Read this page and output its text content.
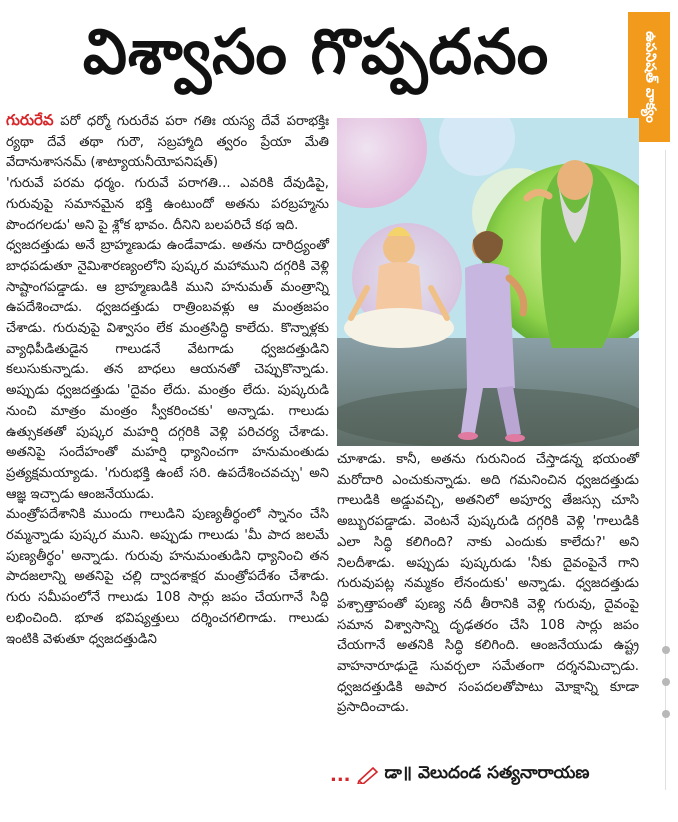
విశ్వాసం గొప్పదనం	ఉపనిషత్ వాక్యం

గురురేవ పరో ధర్మో గురురేవ పరా గతిః యస్య దేవే పరాభక్తిః ర్యథా దేవే తథా గురౌ, సబ్రహ్మాది త్వరం ప్రేయా మేతి వేదానుశాసనమ్ (శాట్యాయనీయోపనిషత్)

'గురువే పరమ ధర్మం. గురువే పరాగతి... ఎవరికి దేవుడిపై, గురువుపై సమానమైన భక్తి ఉంటుందో అతను పరబ్రహ్మను పొందగలడు' అని పై శ్లోక భావం. దీనిని బలపరిచే కథ ఇది.

ధ్వజదత్తుడు అనే బ్రాహ్మణుడు ఉండేవాడు. అతను దారిద్ర్యంతో బాధపడుతూ నైమిశారణ్యంలోని పుష్కర మహాముని దగ్గరికి వెళ్లి సాష్టాంగపడ్డాడు. ఆ బ్రాహ్మణుడికి ముని హనుమత్ మంత్రాన్ని ఉపదేశించాడు. ధ్వజదత్తుడు రాత్రింబవళ్లు ఆ మంత్రజపం చేశాడు. గురువుపై విశ్వాసం లేక మంత్రసిద్ధి కాలేదు. కొన్నాళ్లకు వ్యాధిపీడితుడైన గాలుడనే వేటగాడు ధ్వజదత్తుడిని కలుసుకున్నాడు. తన బాధలు ఆయనతో చెప్పుకొన్నాడు. అప్పుడు ధ్వజదత్తుడు 'దైవం లేదు. మంత్రం లేదు. పుష్కరుడి నుంచి మాత్రం మంత్రం స్వీకరించకు' అన్నాడు. గాలుడు ఉత్సుకతతో పుష్కర మహర్షి దగ్గరికి వెళ్లి పరిచర్య చేశాడు. అతనిపై సందేహంతో మహర్షి ధ్యానించగా హనుమంతుడు ప్రత్యక్షమయ్యాడు. 'గురుభక్తి ఉంటే సరి. ఉపదేశించవచ్చు' అని ఆజ్ఞ ఇచ్చాడు ఆంజనేయుడు.

మంత్రోపదేశానికి ముందు గాలుడిని పుణ్యతీర్థంలో స్నానం చేసి రమ్మన్నాడు పుష్కర ముని. అప్పుడు గాలుడు 'మీ పాద జలమే పుణ్యతీర్థం' అన్నాడు. గురువు హనుమంతుడిని ధ్యానించి తన పాదజలాన్ని అతనిపై చల్లి ద్వాదశాక్షర మంత్రోపదేశం చేశాడు. గురు సమీపంలోనే గాలుడు 108 సార్లు జపం చేయగానే సిద్ధి లభించింది. భూత భవిష్యత్తులు దర్శించగలిగాడు. గాలుడు ఇంటికి వెళుతూ ధ్వజదత్తుడిని

చూశాడు. కానీ, అతను గురునింద చేస్తాడన్న భయంతో మరోదారి ఎంచుకున్నాడు. అది గమనించిన ధ్వజదత్తుడు గాలుడికి అడ్డువచ్చి, అతనిలో అపూర్వ తేజస్సు చూసి అబ్బురపడ్డాడు. వెంటనే పుష్కరుడి దగ్గరికి వెళ్లి 'గాలుడికి ఎలా సిద్ధి కలిగింది? నాకు ఎందుకు కాలేదు?' అని నిలదీశాడు. అప్పుడు పుష్కరుడు 'నీకు దైవంపైనే గాని గురువుపట్ల నమ్మకం లేనందుకు' అన్నాడు. ధ్వజదత్తుడు పశ్చాత్తాపంతో పుణ్య నదీ తీరానికి వెళ్లి గురువు, దైవంపై సమాన విశ్వాసాన్ని దృఢతరం చేసి 108 సార్లు జపం చేయగానే అతనికి సిద్ధి కలిగింది. ఆంజనేయుడు ఉష్ట్ర వాహనారూఢుడై సువర్చలా సమేతంగా దర్శనమిచ్చాడు. ధ్వజదత్తుడికి అపార సంపదలతోపాటు మోక్షాన్ని కూడా ప్రసాదించాడు.

... డా॥ వెలుదండ సత్యనారాయణ
